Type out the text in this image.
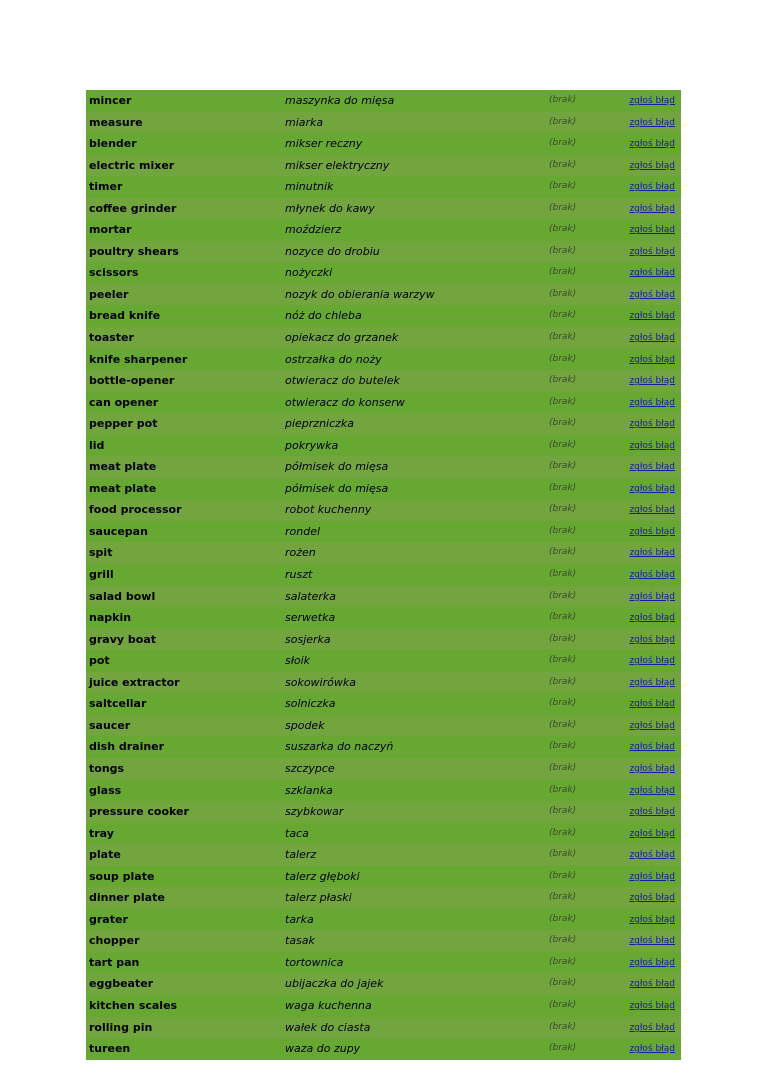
mincer	maszynka do mięsa	(brak)	zgłoś błąd
measure	miarka	(brak)	zgłoś błąd
blender	mikser reczny	(brak)	zgłoś błąd
electric mixer	mikser elektryczny	(brak)	zgłoś błąd
timer	minutnik	(brak)	zgłoś błąd
coffee grinder	młynek do kawy	(brak)	zgłoś błąd
mortar	moździerz	(brak)	zgłoś błąd
poultry shears	nozyce do drobiu	(brak)	zgłoś błąd
scissors	nożyczki	(brak)	zgłoś błąd
peeler	nozyk do obierania warzyw	(brak)	zgłoś błąd
bread knife	nóż do chleba	(brak)	zgłoś błąd
toaster	opiekacz do grzanek	(brak)	zgłoś błąd
knife sharpener	ostrzałka do noży	(brak)	zgłoś błąd
bottle-opener	otwieracz do butelek	(brak)	zgłoś błąd
can opener	otwieracz do konserw	(brak)	zgłoś błąd
pepper pot	pieprzniczka	(brak)	zgłoś błąd
lid	pokrywka	(brak)	zgłoś błąd
meat plate	półmisek do mięsa	(brak)	zgłoś błąd
meat plate	półmisek do mięsa	(brak)	zgłoś błąd
food processor	robot kuchenny	(brak)	zgłoś błąd
saucepan	rondel	(brak)	zgłoś błąd
spit	rożen	(brak)	zgłoś błąd
grill	ruszt	(brak)	zgłoś błąd
salad bowl	salaterka	(brak)	zgłoś błąd
napkin	serwetka	(brak)	zgłoś błąd
gravy boat	sosjerka	(brak)	zgłoś błąd
pot	słoik	(brak)	zgłoś błąd
juice extractor	sokowirówka	(brak)	zgłoś błąd
saltcellar	solniczka	(brak)	zgłoś błąd
saucer	spodek	(brak)	zgłoś błąd
dish drainer	suszarka do naczyń	(brak)	zgłoś błąd
tongs	szczypce	(brak)	zgłoś błąd
glass	szklanka	(brak)	zgłoś błąd
pressure cooker	szybkowar	(brak)	zgłoś błąd
tray	taca	(brak)	zgłoś błąd
plate	talerz	(brak)	zgłoś błąd
soup plate	talerz głęboki	(brak)	zgłoś błąd
dinner plate	talerz płaski	(brak)	zgłoś błąd
grater	tarka	(brak)	zgłoś błąd
chopper	tasak	(brak)	zgłoś błąd
tart pan	tortownica	(brak)	zgłoś błąd
eggbeater	ubijaczka do jajek	(brak)	zgłoś błąd
kitchen scales	waga kuchenna	(brak)	zgłoś błąd
rolling pin	wałek do ciasta	(brak)	zgłoś błąd
tureen	waza do zupy	(brak)	zgłoś błąd
